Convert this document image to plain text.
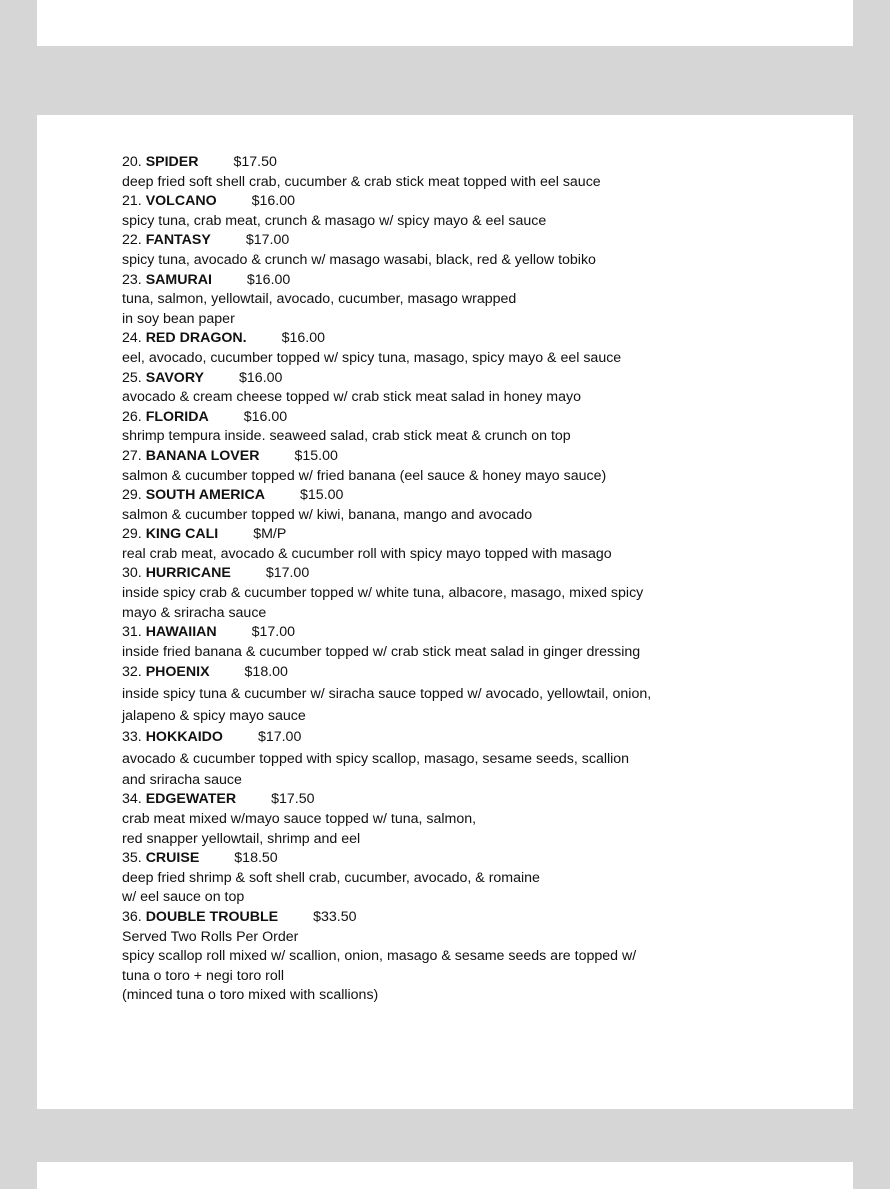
20. SPIDER $17.50
deep fried soft shell crab, cucumber & crab stick meat topped with eel sauce
21. VOLCANO $16.00
spicy tuna, crab meat, crunch & masago w/ spicy mayo & eel sauce
22. FANTASY $17.00
spicy tuna, avocado & crunch w/ masago wasabi, black, red & yellow tobiko
23. SAMURAI $16.00
tuna, salmon, yellowtail, avocado, cucumber, masago wrapped
in soy bean paper
24. RED DRAGON. $16.00
eel, avocado, cucumber topped w/ spicy tuna, masago, spicy mayo & eel sauce
25. SAVORY $16.00
avocado & cream cheese topped w/ crab stick meat salad in honey mayo
26. FLORIDA $16.00
shrimp tempura inside. seaweed salad, crab stick meat & crunch on top
27. BANANA LOVER $15.00
salmon & cucumber topped w/ fried banana (eel sauce & honey mayo sauce)
29. SOUTH AMERICA $15.00
salmon & cucumber topped w/ kiwi, banana, mango and avocado
29. KING CALI $M/P
real crab meat, avocado & cucumber roll with spicy mayo topped with masago
30. HURRICANE $17.00
inside spicy crab & cucumber topped w/ white tuna, albacore, masago, mixed spicy
mayo & sriracha sauce
31. HAWAIIAN $17.00
inside fried banana & cucumber topped w/ crab stick meat salad in ginger dressing
32. PHOENIX $18.00
inside spicy tuna & cucumber w/ siracha sauce topped w/ avocado, yellowtail, onion,
jalapeno & spicy mayo sauce
33. HOKKAIDO $17.00
avocado & cucumber topped with spicy scallop, masago, sesame seeds, scallion
and sriracha sauce
34. EDGEWATER $17.50
crab meat mixed w/mayo sauce topped w/ tuna, salmon,
red snapper yellowtail, shrimp and eel
35. CRUISE $18.50
deep fried shrimp & soft shell crab, cucumber, avocado, & romaine
w/ eel sauce on top
36. DOUBLE TROUBLE $33.50
Served Two Rolls Per Order
spicy scallop roll mixed w/ scallion, onion, masago & sesame seeds are topped w/
tuna o toro + negi toro roll
(minced tuna o toro mixed with scallions)
